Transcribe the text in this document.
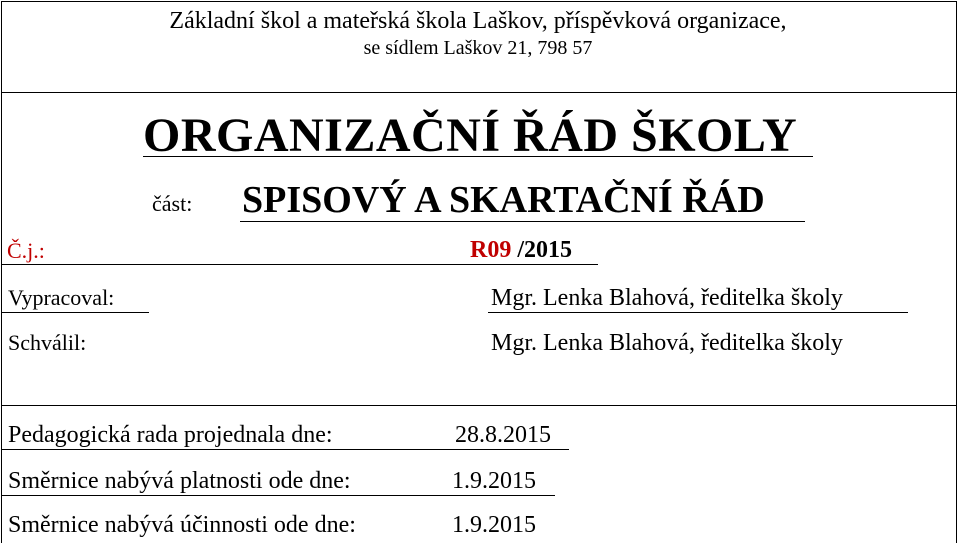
Základní škol a mateřská škola Laškov, příspěvková organizace,
se sídlem Laškov 21, 798 57
ORGANIZAČNÍ ŘÁD ŠKOLY
část: SPISOVÝ A SKARTAČNÍ ŘÁD
Č.j.:	R09 /2015
Vypracoval:	Mgr. Lenka Blahová, ředitelka školy
Schválil:	Mgr. Lenka Blahová, ředitelka školy
Pedagogická rada projednala dne:	28.8.2015
Směrnice nabývá platnosti ode dne:	1.9.2015
Směrnice nabývá účinnosti ode dne:	1.9.2015
